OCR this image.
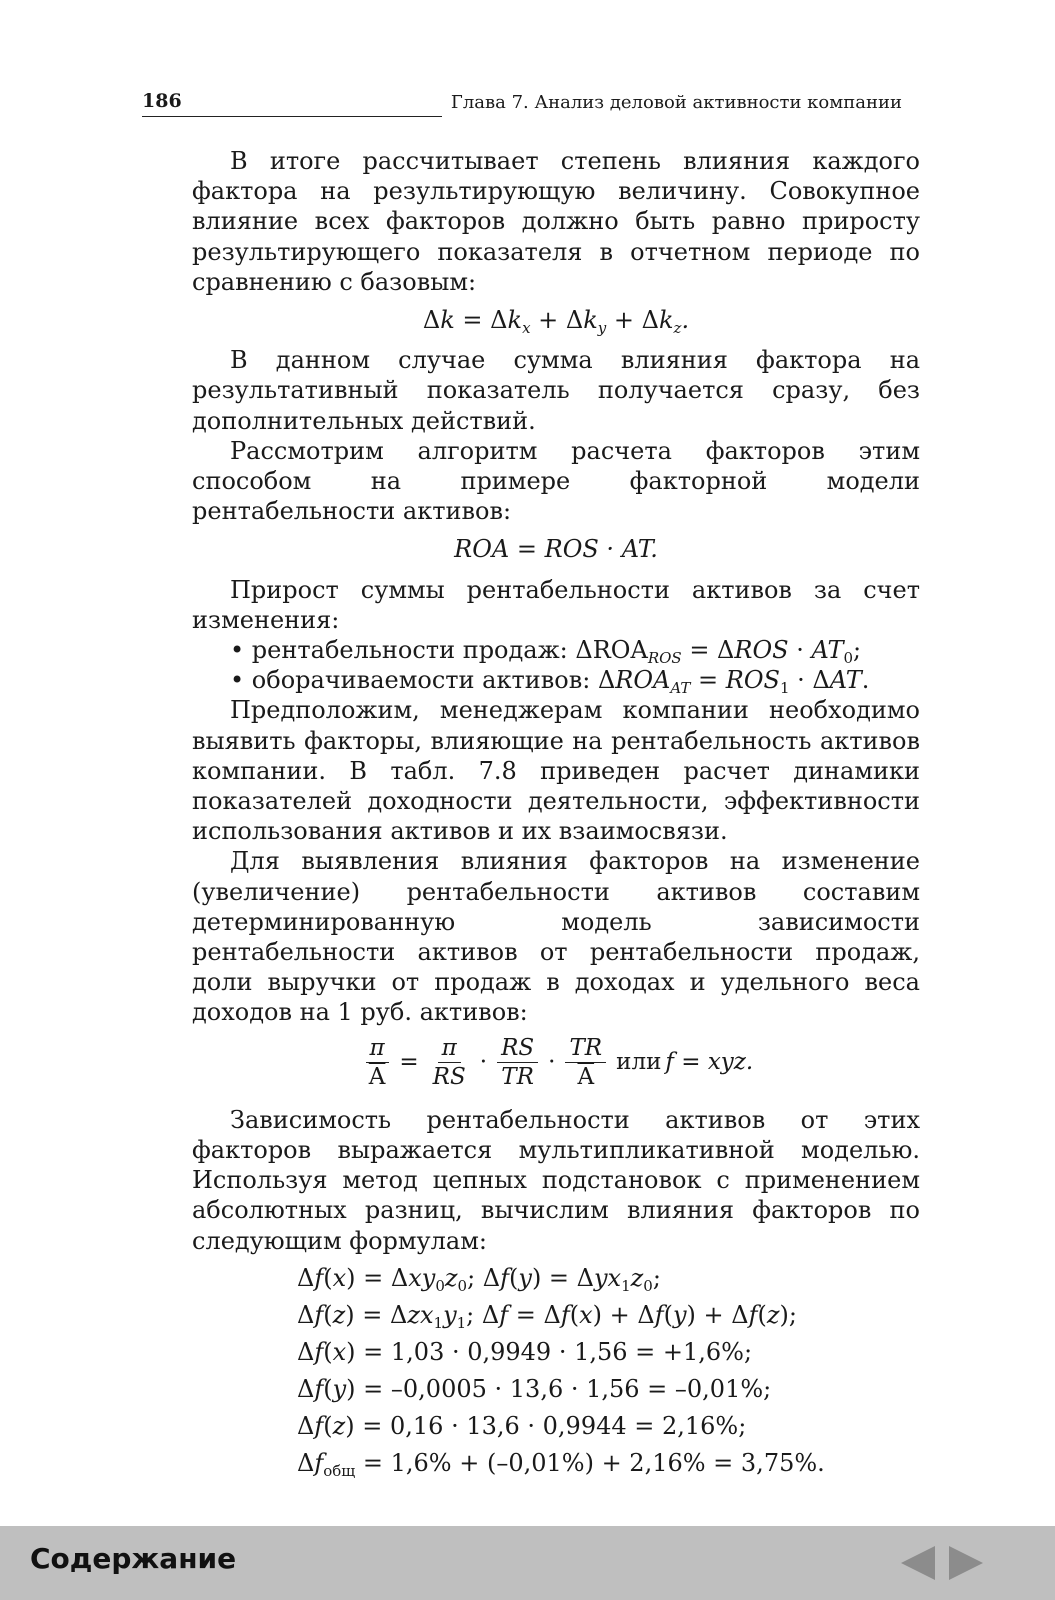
186	Глава 7. Анализ деловой активности компании

В итоге рассчитывает степень влияния каждого фактора на результирующую величину. Совокупное влияние всех факторов должно быть равно приросту результирующего показателя в отчетном периоде по сравнению с базовым:

$\Delta k = \Delta k_x + \Delta k_y + \Delta k_z$.

В данном случае сумма влияния фактора на результативный показатель получается сразу, без дополнительных действий.

Рассмотрим алгоритм расчета факторов этим способом на примере факторной модели рентабельности активов:

ROA = ROS · AT.

Прирост суммы рентабельности активов за счет изменения:

• рентабельности продаж: $\Delta ROA_{ROS} = \Delta ROS \cdot AT_0$;
• оборачиваемости активов: $\Delta ROA_{AT} = ROS_1 \cdot \Delta AT$.

Предположим, менеджерам компании необходимо выявить факторы, влияющие на рентабельность активов компании. В табл. 7.8 приведен расчет динамики показателей доходности деятельности, эффективности использования активов и их взаимосвязи.

Для выявления влияния факторов на изменение (увеличение) рентабельности активов составим детерминированную модель зависимости рентабельности активов от рентабельности продаж, доли выручки от продаж в доходах и удельного веса доходов на 1 руб. активов:

$\frac{\pi}{A} = \frac{\pi}{RS} \cdot \frac{RS}{TR} \cdot \frac{TR}{A}$ или f = xyz.

Зависимость рентабельности активов от этих факторов выражается мультипликативной моделью. Используя метод цепных подстановок с применением абсолютных разниц, вычислим влияния факторов по следующим формулам:

$\Delta f(x) = \Delta xy_0z_0$; $\Delta f(y) = \Delta yx_1z_0$;
$\Delta f(z) = \Delta zx_1y_1$; Δf = Δf(x) + Δf(y) + Δf(z);
Δf(x) = 1,03 · 0,9949 · 1,56 = +1,6%;
Δf(y) = –0,0005 · 13,6 · 1,56 = –0,01%;
Δf(z) = 0,16 · 13,6 · 0,9944 = 2,16%;
$\Delta f_{общ} = 1,6\% + (-0,01\%) + 2,16\% = 3,75\%$.
Содержание
